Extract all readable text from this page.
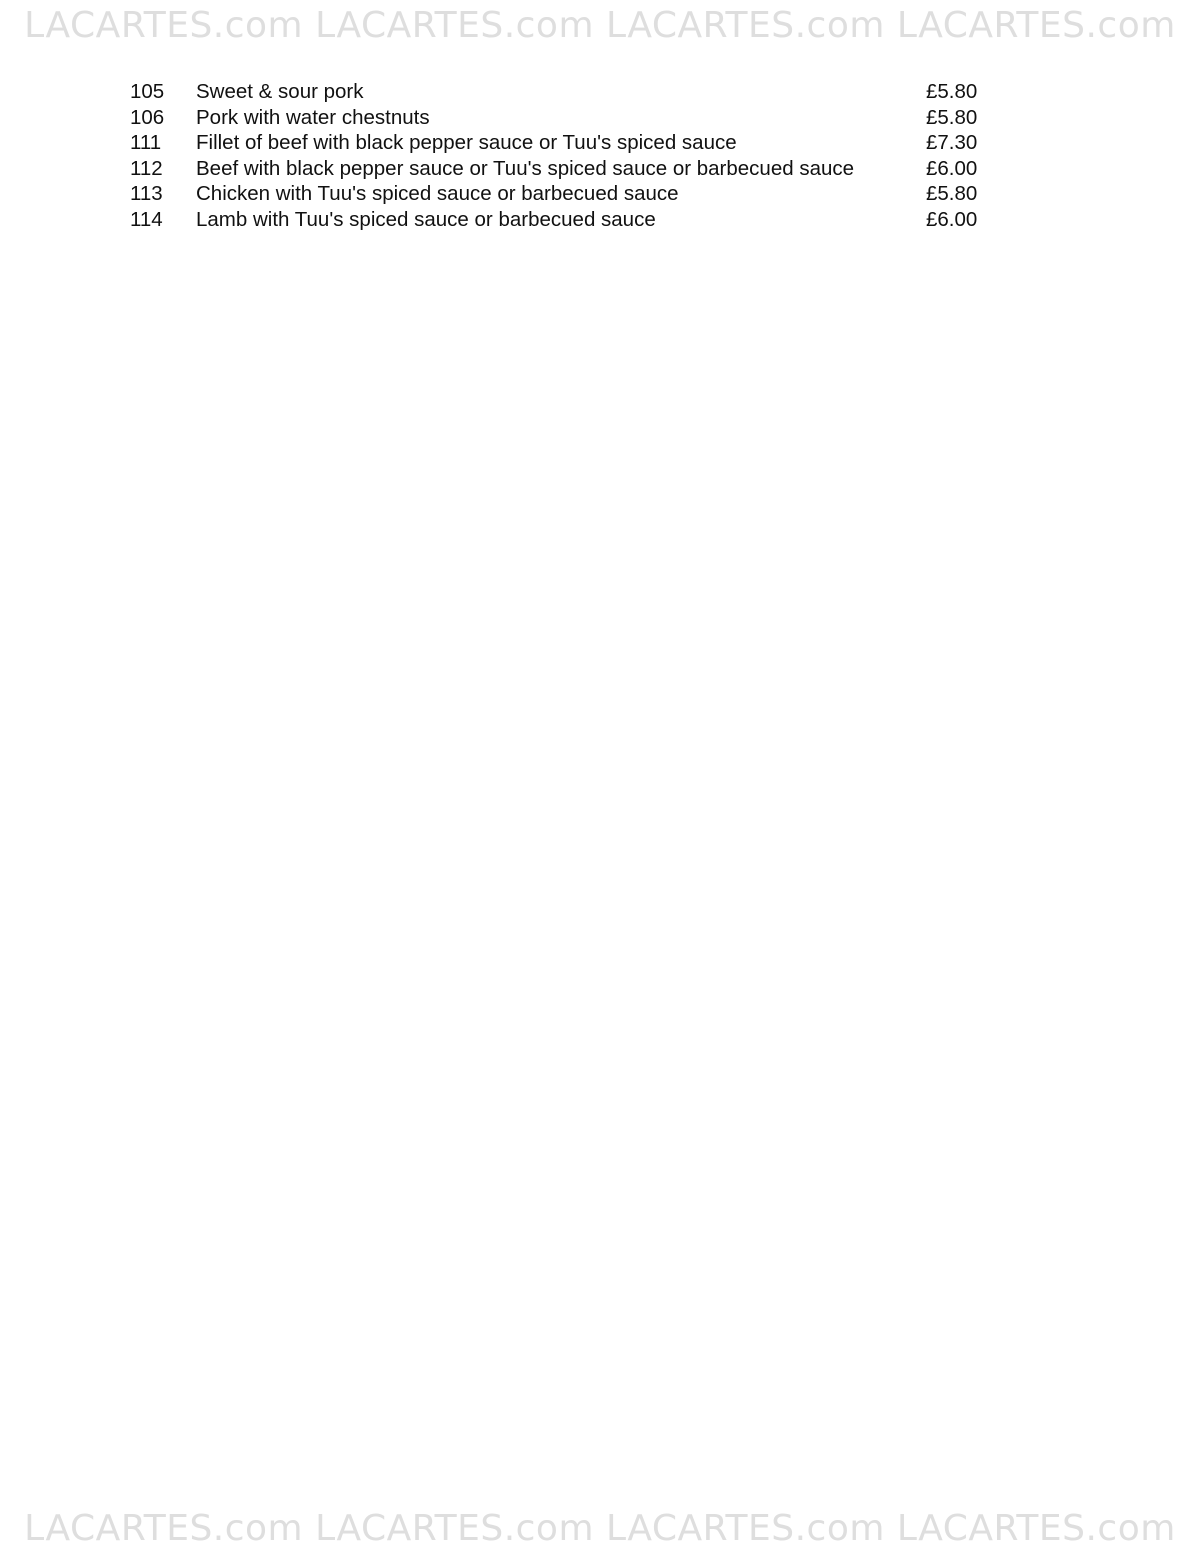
LACARTES.com LACARTES.com LACARTES.com LACARTES.com
105 Sweet & sour pork	£5.80
106 Pork with water chestnuts	£5.80
111 Fillet of beef with black pepper sauce or Tuu's spiced sauce	£7.30
112 Beef with black pepper sauce or Tuu's spiced sauce or barbecued sauce	£6.00
113 Chicken with Tuu's spiced sauce or barbecued sauce	£5.80
114 Lamb with Tuu's spiced sauce or barbecued sauce	£6.00
LACARTES.com LACARTES.com LACARTES.com LACARTES.com
